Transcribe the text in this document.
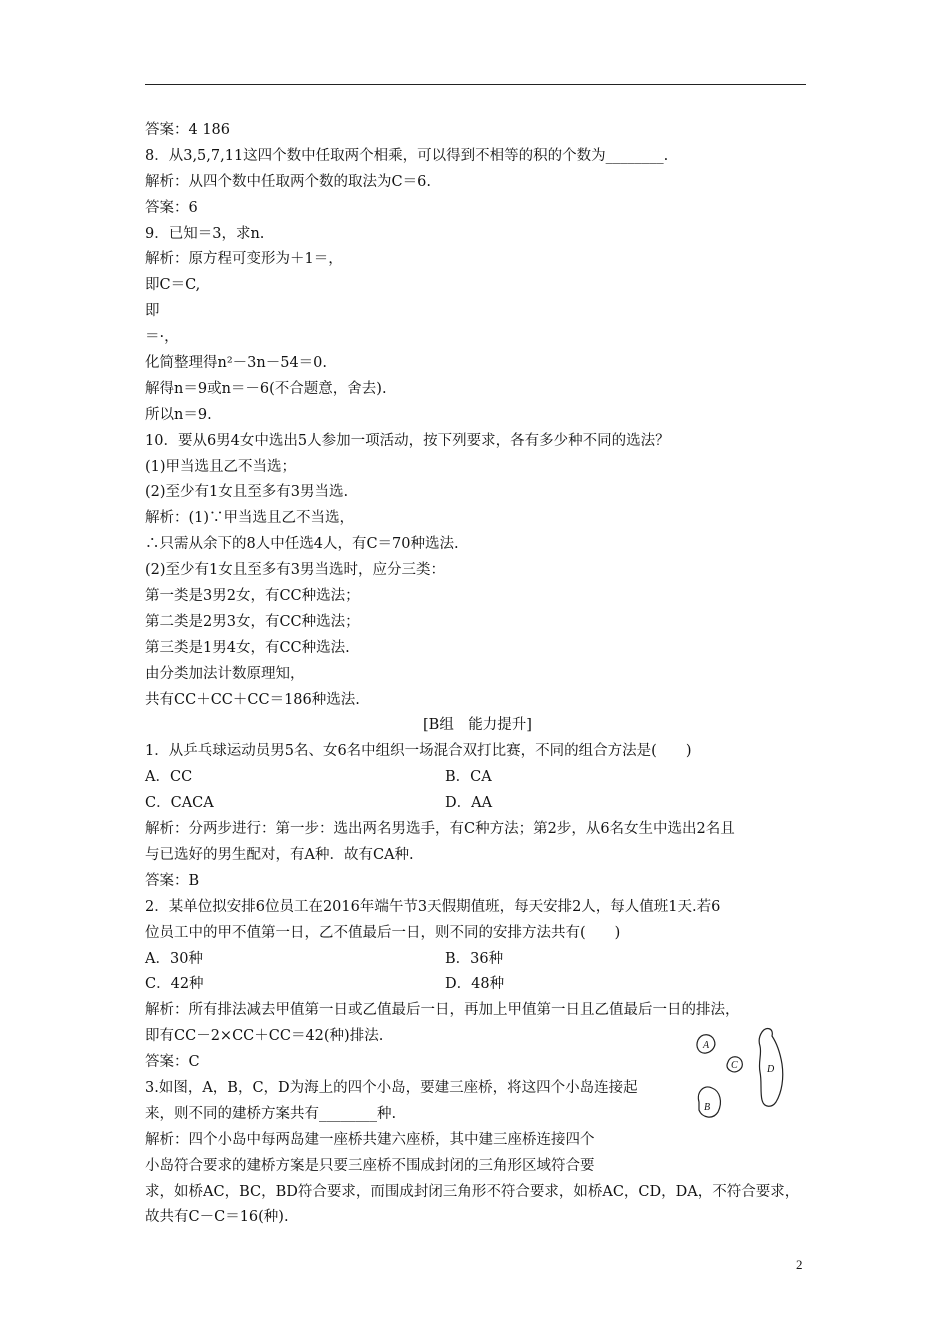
答案：4 186
8．从3,5,7,11这四个数中任取两个相乘，可以得到不相等的积的个数为________.
解析：从四个数中任取两个数的取法为C＝6.
答案：6
9．已知＝3，求n.
解析：原方程可变形为＋1＝，
即C＝C,
即
＝·，
化简整理得n²－3n－54＝0.
解得n＝9或n＝－6(不合题意，舍去).
所以n＝9.
10．要从6男4女中选出5人参加一项活动，按下列要求，各有多少种不同的选法？
(1)甲当选且乙不当选；
(2)至少有1女且至多有3男当选.
解析：(1)∵甲当选且乙不当选，
∴只需从余下的8人中任选4人，有C＝70种选法.
(2)至少有1女且至多有3男当选时，应分三类：
第一类是3男2女，有CC种选法；
第二类是2男3女，有CC种选法；
第三类是1男4女，有CC种选法.
由分类加法计数原理知，
共有CC＋CC＋CC＝186种选法.
[B组　能力提升]
1．从乒乓球运动员男5名、女6名中组织一场混合双打比赛，不同的组合方法是(　　)
A．CC	B．CA
C．CACA	D．AA
解析：分两步进行：第一步：选出两名男选手，有C种方法；第2步，从6名女生中选出2名且
与已选好的男生配对，有A种．故有CA种.
答案：B
2．某单位拟安排6位员工在2016年端午节3天假期值班，每天安排2人，每人值班1天.若6
位员工中的甲不值第一日，乙不值最后一日，则不同的安排方法共有(　　)
A．30种	B．36种
C．42种	D．48种
解析：所有排法减去甲值第一日或乙值最后一日，再加上甲值第一日且乙值最后一日的排法，
即有CC－2×CC＋CC＝42(种)排法.
答案：C
3.如图，A，B，C，D为海上的四个小岛，要建三座桥，将这四个小岛连接起
来，则不同的建桥方案共有________种.
解析：四个小岛中每两岛建一座桥共建六座桥，其中建三座桥连接四个
小岛符合要求的建桥方案是只要三座桥不围成封闭的三角形区域符合要
求，如桥AC，BC，BD符合要求，而围成封闭三角形不符合要求，如桥AC，CD，DA，不符合要求，
故共有C－C＝16(种).
A
C
B
D
2
